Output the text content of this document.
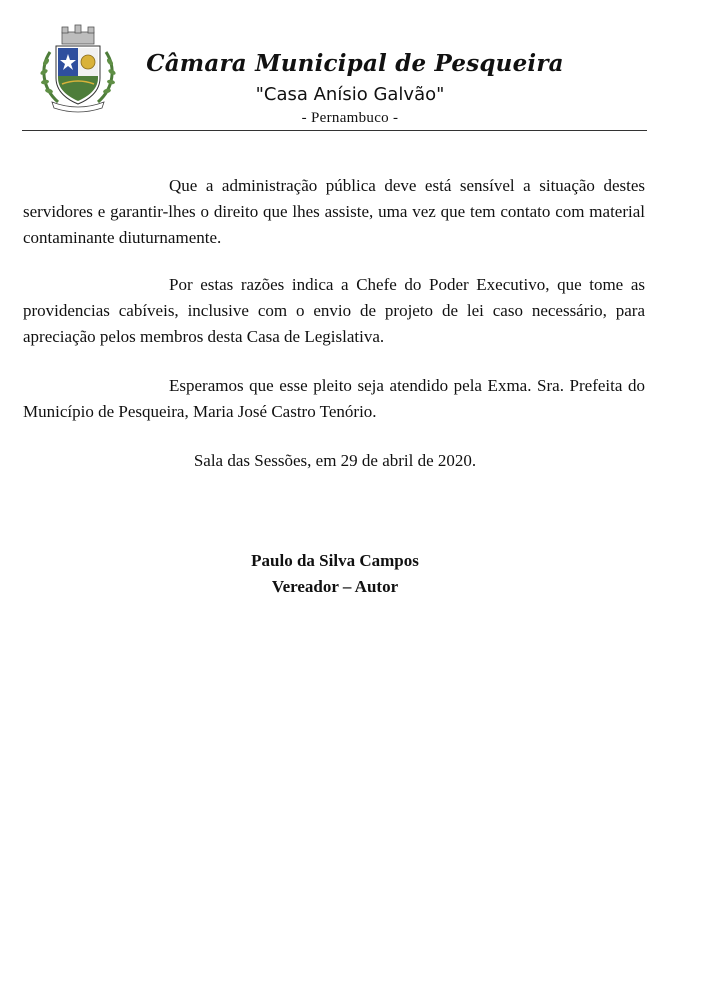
Câmara Municipal de Pesqueira
"Casa Anísio Galvão"
- Pernambuco -

Que a administração pública deve está sensível a situação destes servidores e garantir-lhes o direito que lhes assiste, uma vez que tem contato com material contaminante diuturnamente.

Por estas razões indica a Chefe do Poder Executivo, que tome as providencias cabíveis, inclusive com o envio de projeto de lei caso necessário, para apreciação pelos membros desta Casa de Legislativa.

Esperamos que esse pleito seja atendido pela Exma. Sra. Prefeita do Município de Pesqueira, Maria José Castro Tenório.

Sala das Sessões, em 29 de abril de 2020.

Paulo da Silva Campos

Vereador – Autor
